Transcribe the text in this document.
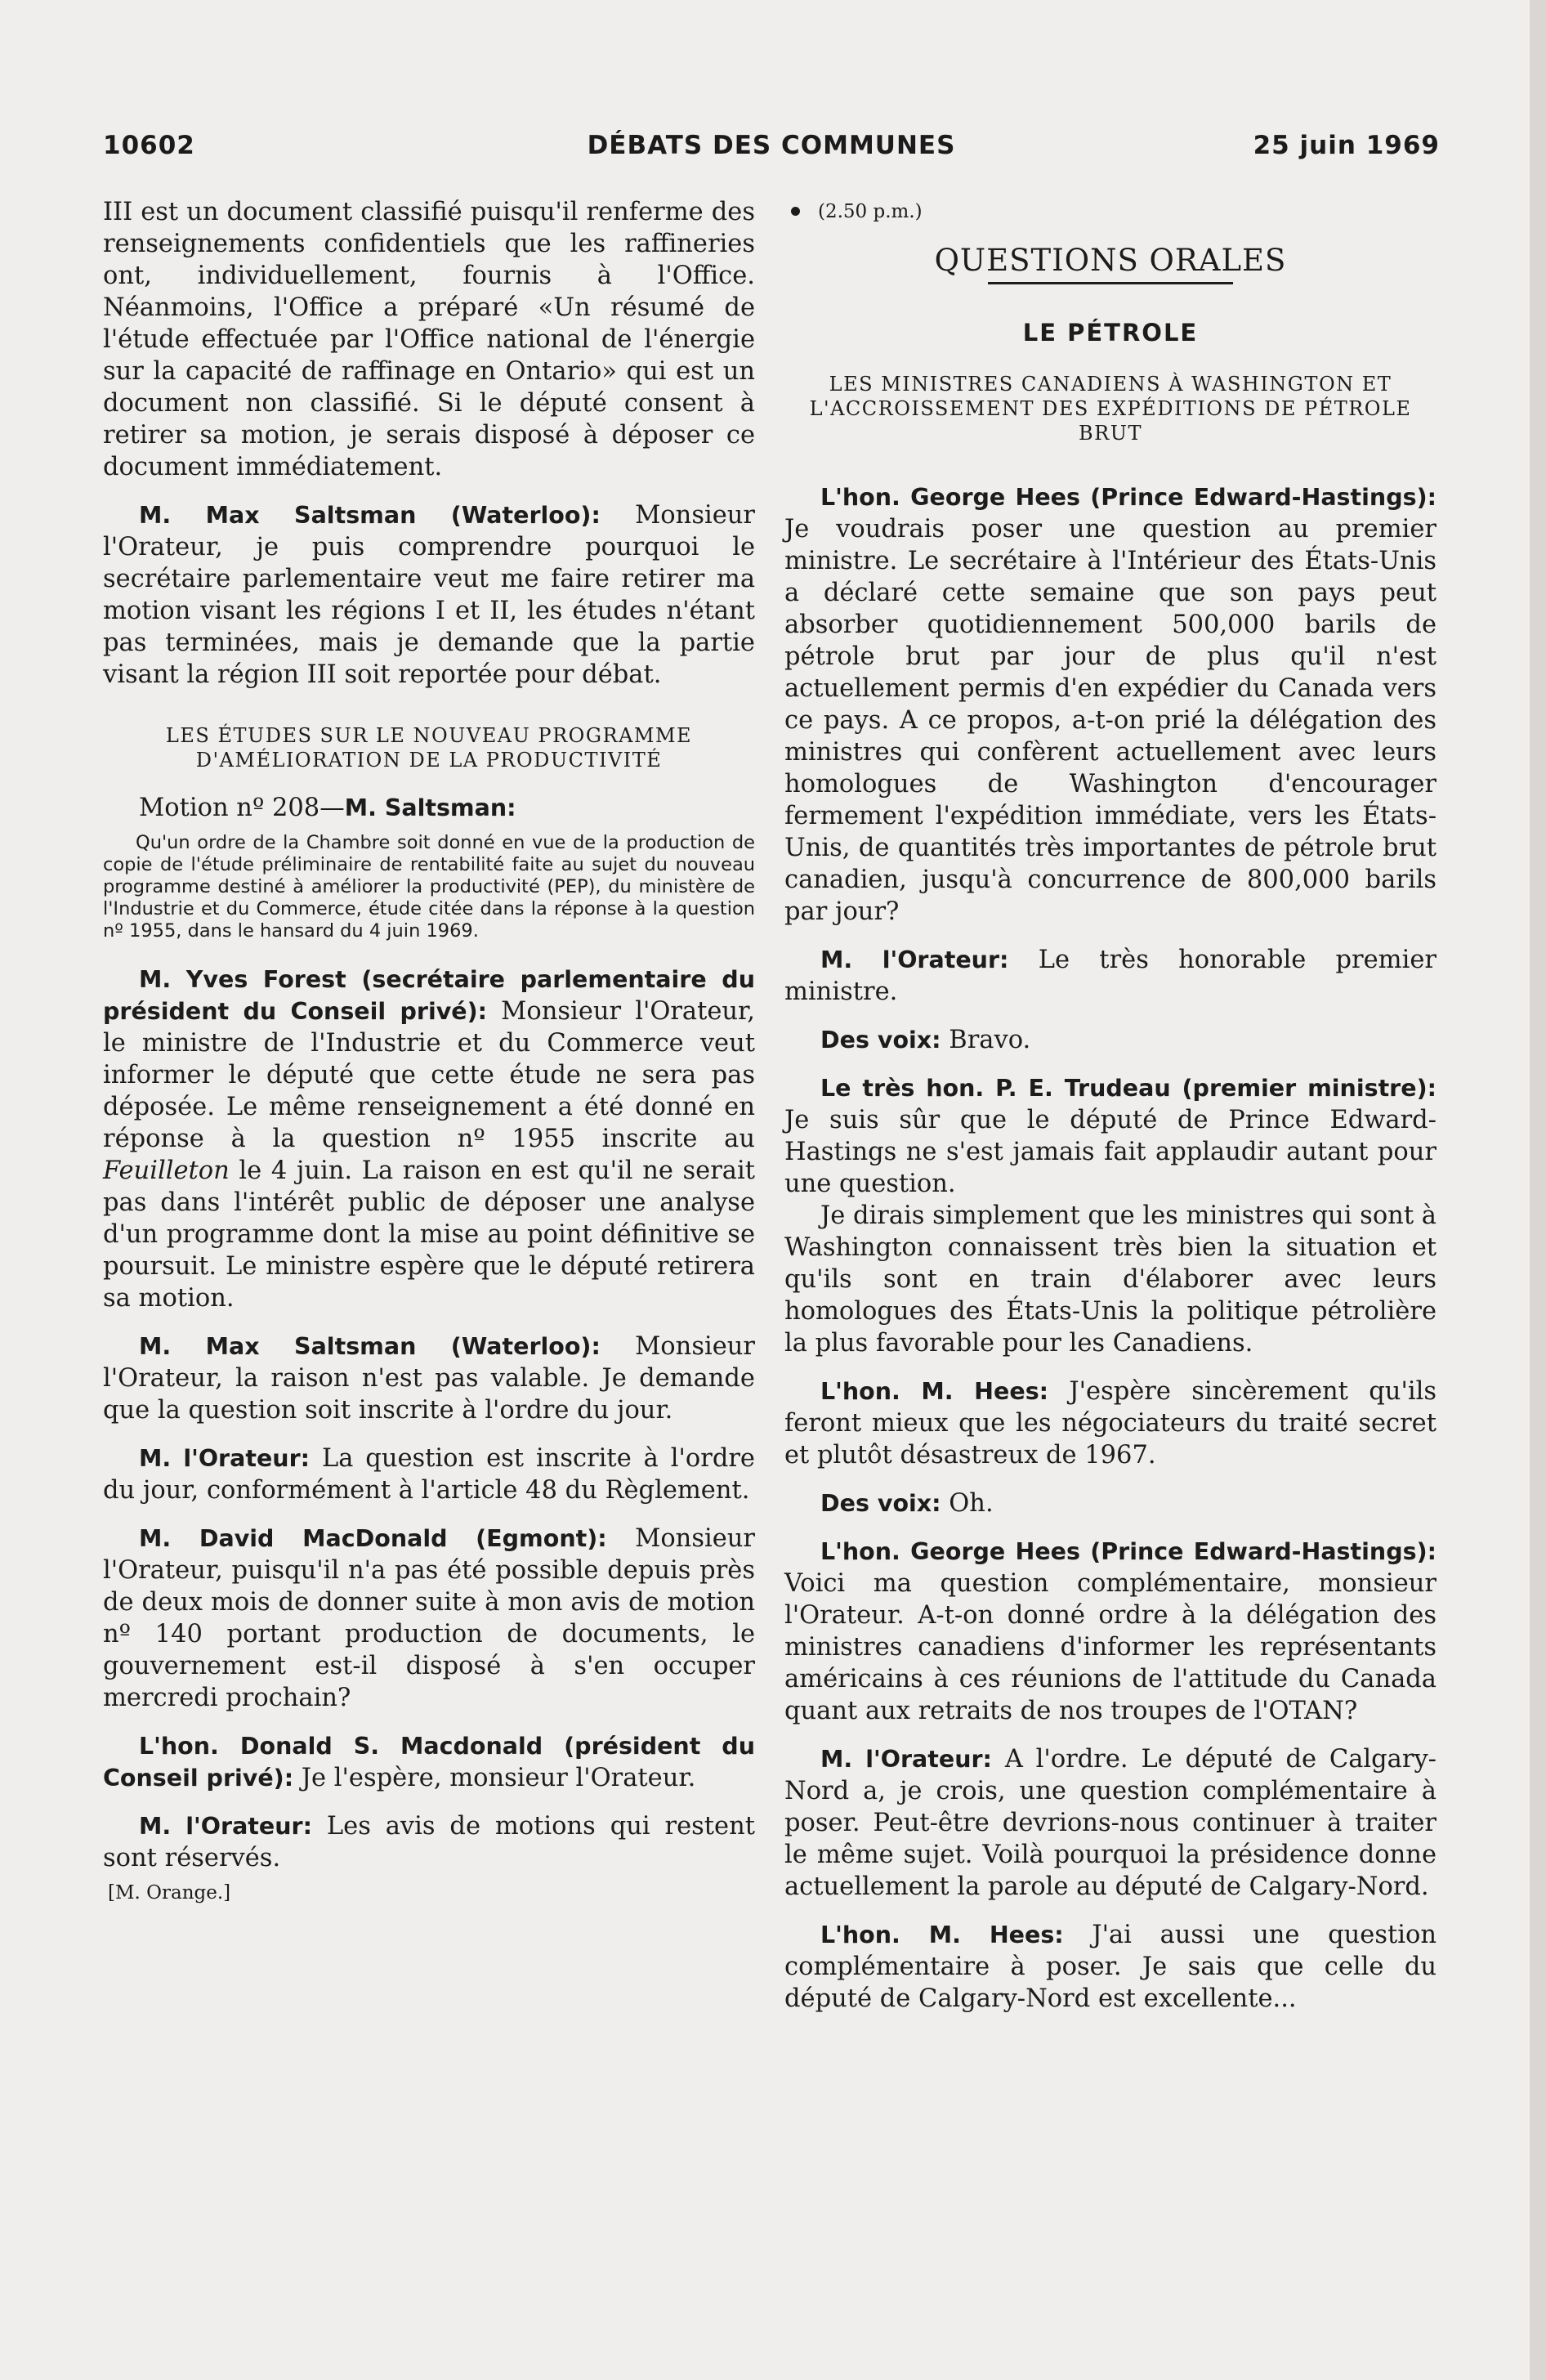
10602	DÉBATS DES COMMUNES	25 juin 1969

III est un document classifié puisqu'il renferme des renseignements confidentiels que les raffineries ont, individuellement, fournis à l'Office. Néanmoins, l'Office a préparé «Un résumé de l'étude effectuée par l'Office national de l'énergie sur la capacité de raffinage en Ontario» qui est un document non classifié. Si le député consent à retirer sa motion, je serais disposé à déposer ce document immédiatement.

M. Max Saltsman (Waterloo): Monsieur l'Orateur, je puis comprendre pourquoi le secrétaire parlementaire veut me faire retirer ma motion visant les régions I et II, les études n'étant pas terminées, mais je demande que la partie visant la région III soit reportée pour débat.

LES ÉTUDES SUR LE NOUVEAU PROGRAMME D'AMÉLIORATION DE LA PRODUCTIVITÉ

Motion nº 208—M. Saltsman:

Qu'un ordre de la Chambre soit donné en vue de la production de copie de l'étude préliminaire de rentabilité faite au sujet du nouveau programme destiné à améliorer la productivité (PEP), du ministère de l'Industrie et du Commerce, étude citée dans la réponse à la question nº 1955, dans le hansard du 4 juin 1969.

M. Yves Forest (secrétaire parlementaire du président du Conseil privé): Monsieur l'Orateur, le ministre de l'Industrie et du Commerce veut informer le député que cette étude ne sera pas déposée. Le même renseignement a été donné en réponse à la question nº 1955 inscrite au Feuilleton le 4 juin. La raison en est qu'il ne serait pas dans l'intérêt public de déposer une analyse d'un programme dont la mise au point définitive se poursuit. Le ministre espère que le député retirera sa motion.

M. Max Saltsman (Waterloo): Monsieur l'Orateur, la raison n'est pas valable. Je demande que la question soit inscrite à l'ordre du jour.

M. l'Orateur: La question est inscrite à l'ordre du jour, conformément à l'article 48 du Règlement.

M. David MacDonald (Egmont): Monsieur l'Orateur, puisqu'il n'a pas été possible depuis près de deux mois de donner suite à mon avis de motion nº 140 portant production de documents, le gouvernement est-il disposé à s'en occuper mercredi prochain?

L'hon. Donald S. Macdonald (président du Conseil privé): Je l'espère, monsieur l'Orateur.

M. l'Orateur: Les avis de motions qui restent sont réservés.

[M. Orange.]
(2.50 p.m.)
QUESTIONS ORALES
LE PÉTROLE
LES MINISTRES CANADIENS À WASHINGTON ET L'ACCROISSEMENT DES EXPÉDITIONS DE PÉTROLE BRUT

L'hon. George Hees (Prince Edward-Hastings): Je voudrais poser une question au premier ministre. Le secrétaire à l'Intérieur des États-Unis a déclaré cette semaine que son pays peut absorber quotidiennement 500,000 barils de pétrole brut par jour de plus qu'il n'est actuellement permis d'en expédier du Canada vers ce pays. A ce propos, a-t-on prié la délégation des ministres qui confèrent actuellement avec leurs homologues de Washington d'encourager fermement l'expédition immédiate, vers les États-Unis, de quantités très importantes de pétrole brut canadien, jusqu'à concurrence de 800,000 barils par jour?

M. l'Orateur: Le très honorable premier ministre.

Des voix: Bravo.

Le très hon. P. E. Trudeau (premier ministre): Je suis sûr que le député de Prince Edward-Hastings ne s'est jamais fait applaudir autant pour une question.

Je dirais simplement que les ministres qui sont à Washington connaissent très bien la situation et qu'ils sont en train d'élaborer avec leurs homologues des États-Unis la politique pétrolière la plus favorable pour les Canadiens.

L'hon. M. Hees: J'espère sincèrement qu'ils feront mieux que les négociateurs du traité secret et plutôt désastreux de 1967.

Des voix: Oh.

L'hon. George Hees (Prince Edward-Hastings): Voici ma question complémentaire, monsieur l'Orateur. A-t-on donné ordre à la délégation des ministres canadiens d'informer les représentants américains à ces réunions de l'attitude du Canada quant aux retraits de nos troupes de l'OTAN?

M. l'Orateur: A l'ordre. Le député de Calgary-Nord a, je crois, une question complémentaire à poser. Peut-être devrions-nous continuer à traiter le même sujet. Voilà pourquoi la présidence donne actuellement la parole au député de Calgary-Nord.

L'hon. M. Hees: J'ai aussi une question complémentaire à poser. Je sais que celle du député de Calgary-Nord est excellente...
